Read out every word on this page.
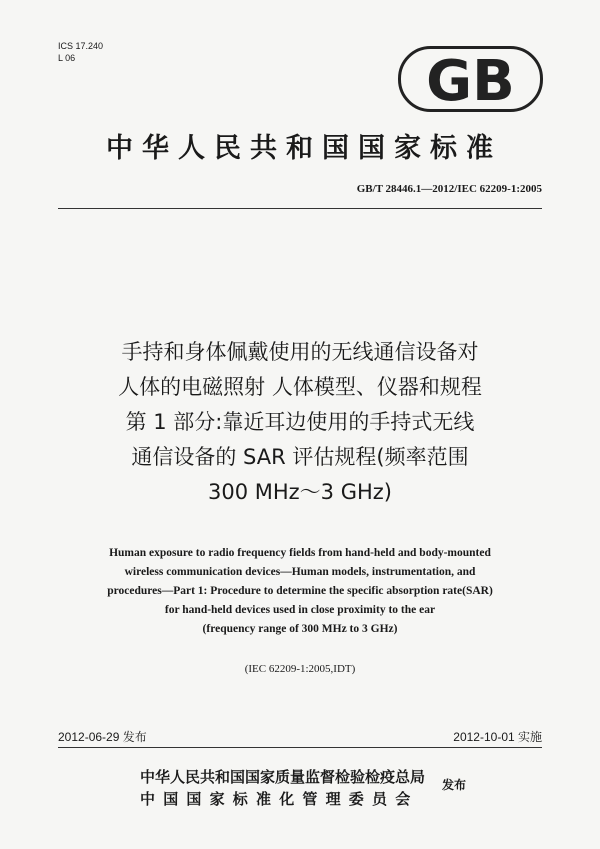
ICS 17.240
L 06	GB
中华人民共和国国家标准
GB/T 28446.1—2012/IEC 62209-1:2005
手持和身体佩戴使用的无线通信设备对
人体的电磁照射 人体模型、仪器和规程
第 1 部分:靠近耳边使用的手持式无线
通信设备的 SAR 评估规程(频率范围
300 MHz～3 GHz)
Human exposure to radio frequency fields from hand-held and body-mounted
wireless communication devices—Human models, instrumentation, and
procedures—Part 1: Procedure to determine the specific absorption rate(SAR)
for hand-held devices used in close proximity to the ear
(frequency range of 300 MHz to 3 GHz)
(IEC 62209-1:2005,IDT)
2012-06-29 发布	2012-10-01 实施
中华人民共和国国家质量监督检验检疫总局
中国国家标准化管理委员会
发布
